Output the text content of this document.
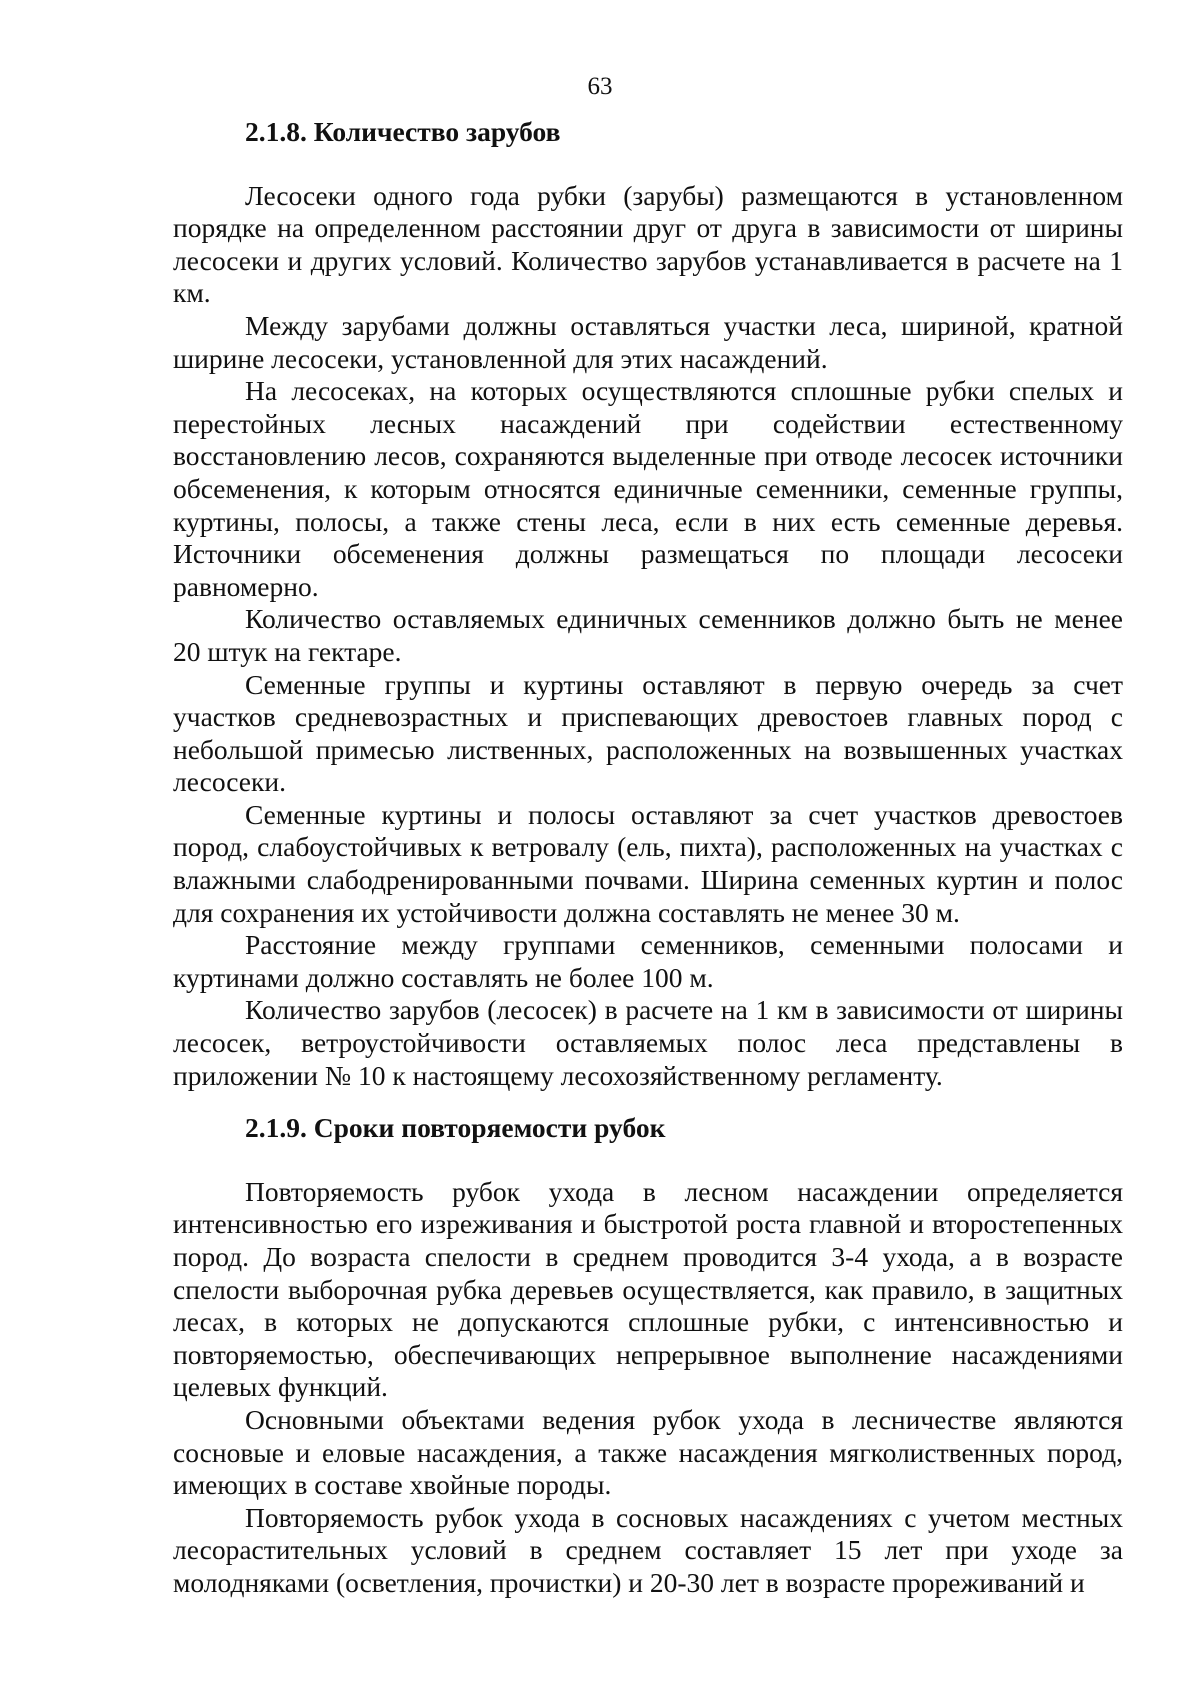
63

2.1.8. Количество зарубов

Лесосеки одного года рубки (зарубы) размещаются в установленном порядке на определенном расстоянии друг от друга в зависимости от ширины лесосеки и других условий. Количество зарубов устанавливается в расчете на 1 км.

Между зарубами должны оставляться участки леса, шириной, кратной ширине лесосеки, установленной для этих насаждений.

На лесосеках, на которых осуществляются сплошные рубки спелых и перестойных лесных насаждений при содействии естественному восстановлению лесов, сохраняются выделенные при отводе лесосек источники обсеменения, к которым относятся единичные семенники, семенные группы, куртины, полосы, а также стены леса, если в них есть семенные деревья. Источники обсеменения должны размещаться по площади лесосеки равномерно.

Количество оставляемых единичных семенников должно быть не менее 20 штук на гектаре.

Семенные группы и куртины оставляют в первую очередь за счет участков средневозрастных и приспевающих древостоев главных пород с небольшой примесью лиственных, расположенных на возвышенных участках лесосеки.

Семенные куртины и полосы оставляют за счет участков древостоев пород, слабоустойчивых к ветровалу (ель, пихта), расположенных на участках с влажными слабодренированными почвами. Ширина семенных куртин и полос для сохранения их устойчивости должна составлять не менее 30 м.

Расстояние между группами семенников, семенными полосами и куртинами должно составлять не более 100 м.

Количество зарубов (лесосек) в расчете на 1 км в зависимости от ширины лесосек, ветроустойчивости оставляемых полос леса представлены в приложении № 10 к настоящему лесохозяйственному регламенту.

2.1.9. Сроки повторяемости рубок

Повторяемость рубок ухода в лесном насаждении определяется интенсивностью его изреживания и быстротой роста главной и второстепенных пород. До возраста спелости в среднем проводится 3-4 ухода, а в возрасте спелости выборочная рубка деревьев осуществляется, как правило, в защитных лесах, в которых не допускаются сплошные рубки, с интенсивностью и повторяемостью, обеспечивающих непрерывное выполнение насаждениями целевых функций.

Основными объектами ведения рубок ухода в лесничестве являются сосновые и еловые насаждения, а также насаждения мягколиственных пород, имеющих в составе хвойные породы.

Повторяемость рубок ухода в сосновых насаждениях с учетом местных лесорастительных условий в среднем составляет 15 лет при уходе за молодняками (осветления, прочистки) и 20-30 лет в возрасте прореживаний и
